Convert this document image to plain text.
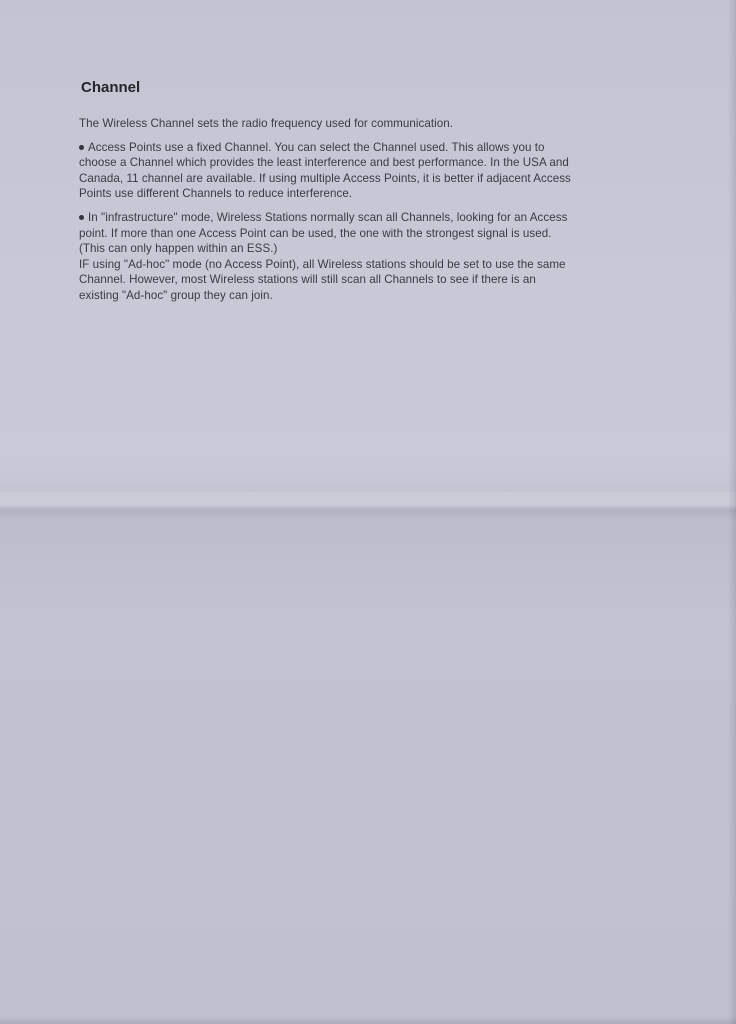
Channel

The Wireless Channel sets the radio frequency used for communication.

Access Points use a fixed Channel. You can select the Channel used. This allows you to
choose a Channel which provides the least interference and best performance. In the USA and
Canada, 11 channel are available. If using multiple Access Points, it is better if adjacent Access
Points use different Channels to reduce interference.

In "infrastructure" mode, Wireless Stations normally scan all Channels, looking for an Access
point. If more than one Access Point can be used, the one with the strongest signal is used.
(This can only happen within an ESS.)
IF using "Ad-hoc" mode (no Access Point), all Wireless stations should be set to use the same
Channel. However, most Wireless stations will still scan all Channels to see if there is an
existing "Ad-hoc" group they can join.
